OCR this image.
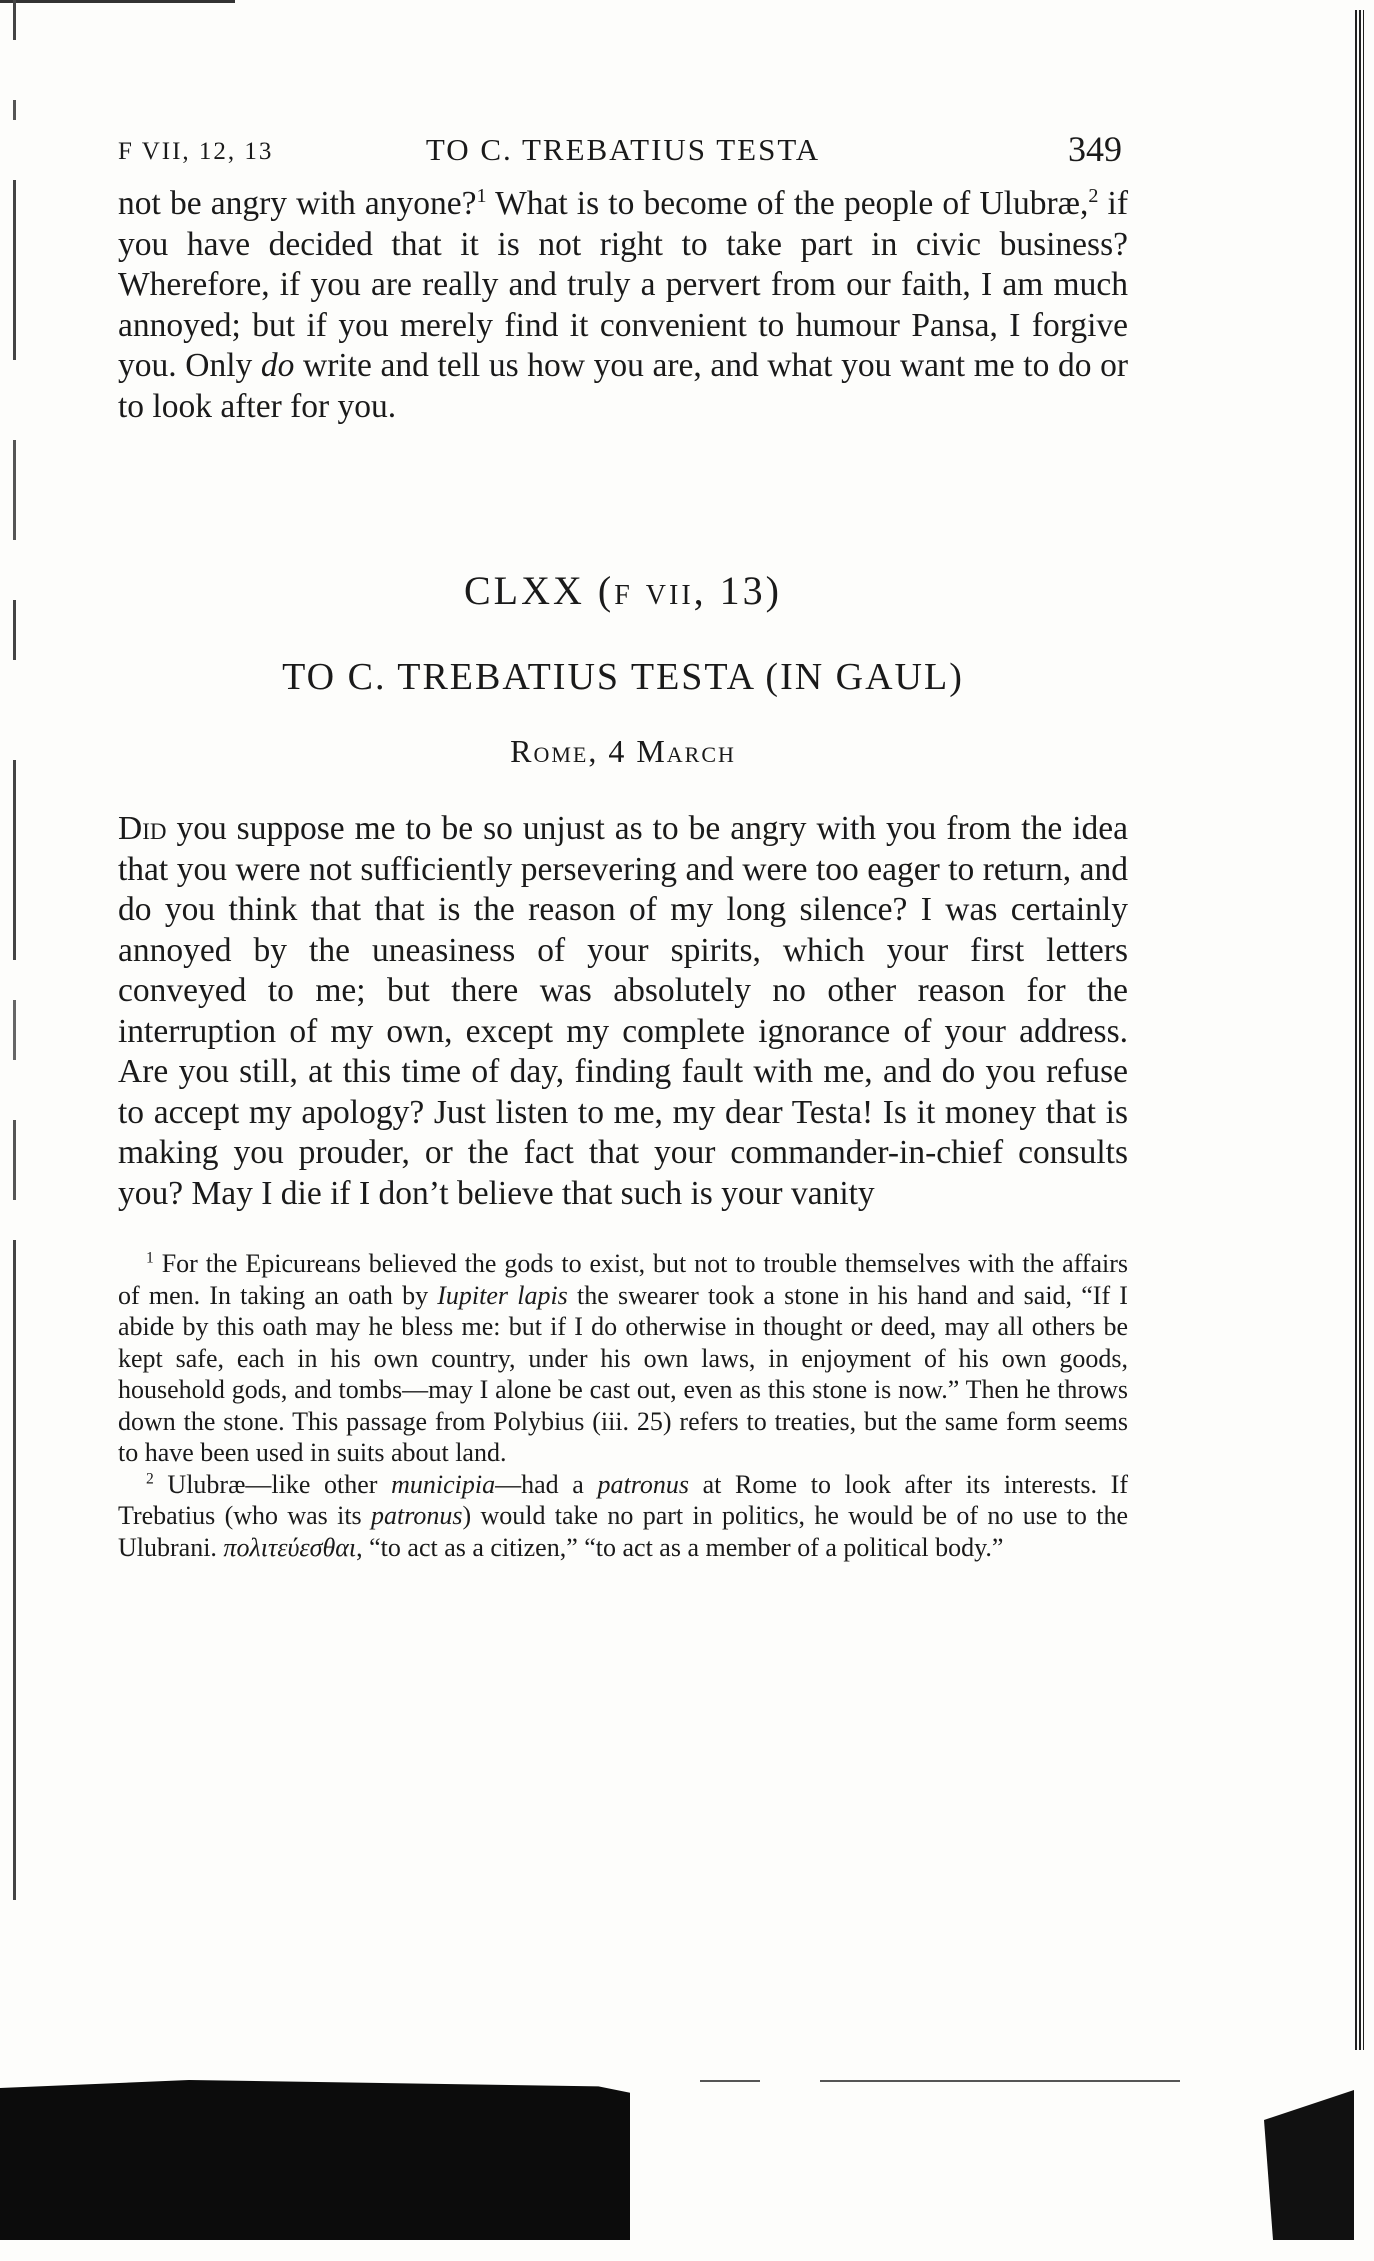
F VII, 12, 13	TO C. TREBATIUS TESTA	349

not be angry with anyone?$^1$ What is to become of the people of Ulubræ,$^2$ if you have decided that it is not right to take part in civic business? Wherefore, if you are really and truly a pervert from our faith, I am much annoyed; but if you merely find it convenient to humour Pansa, I forgive you. Only do write and tell us how you are, and what you want me to do or to look after for you.

CLXX (f vii, 13)
TO C. TREBATIUS TESTA (IN GAUL)
Rome, 4 March

Did you suppose me to be so unjust as to be angry with you from the idea that you were not sufficiently persevering and were too eager to return, and do you think that that is the reason of my long silence? I was certainly annoyed by the uneasiness of your spirits, which your first letters conveyed to me; but there was absolutely no other reason for the interruption of my own, except my complete ignorance of your address. Are you still, at this time of day, finding fault with me, and do you refuse to accept my apology? Just listen to me, my dear Testa! Is it money that is making you prouder, or the fact that your commander-in-chief consults you? May I die if I don’t believe that such is your vanity

$^1$ For the Epicureans believed the gods to exist, but not to trouble themselves with the affairs of men. In taking an oath by Iupiter lapis the swearer took a stone in his hand and said, “If I abide by this oath may he bless me: but if I do otherwise in thought or deed, may all others be kept safe, each in his own country, under his own laws, in enjoyment of his own goods, household gods, and tombs—may I alone be cast out, even as this stone is now.” Then he throws down the stone. This passage from Polybius (iii. 25) refers to treaties, but the same form seems to have been used in suits about land.

$^2$ Ulubræ—like other municipia—had a patronus at Rome to look after its interests. If Trebatius (who was its patronus) would take no part in politics, he would be of no use to the Ulubrani. πολιτεύεσθαι, “to act as a citizen,” “to act as a member of a political body.”
